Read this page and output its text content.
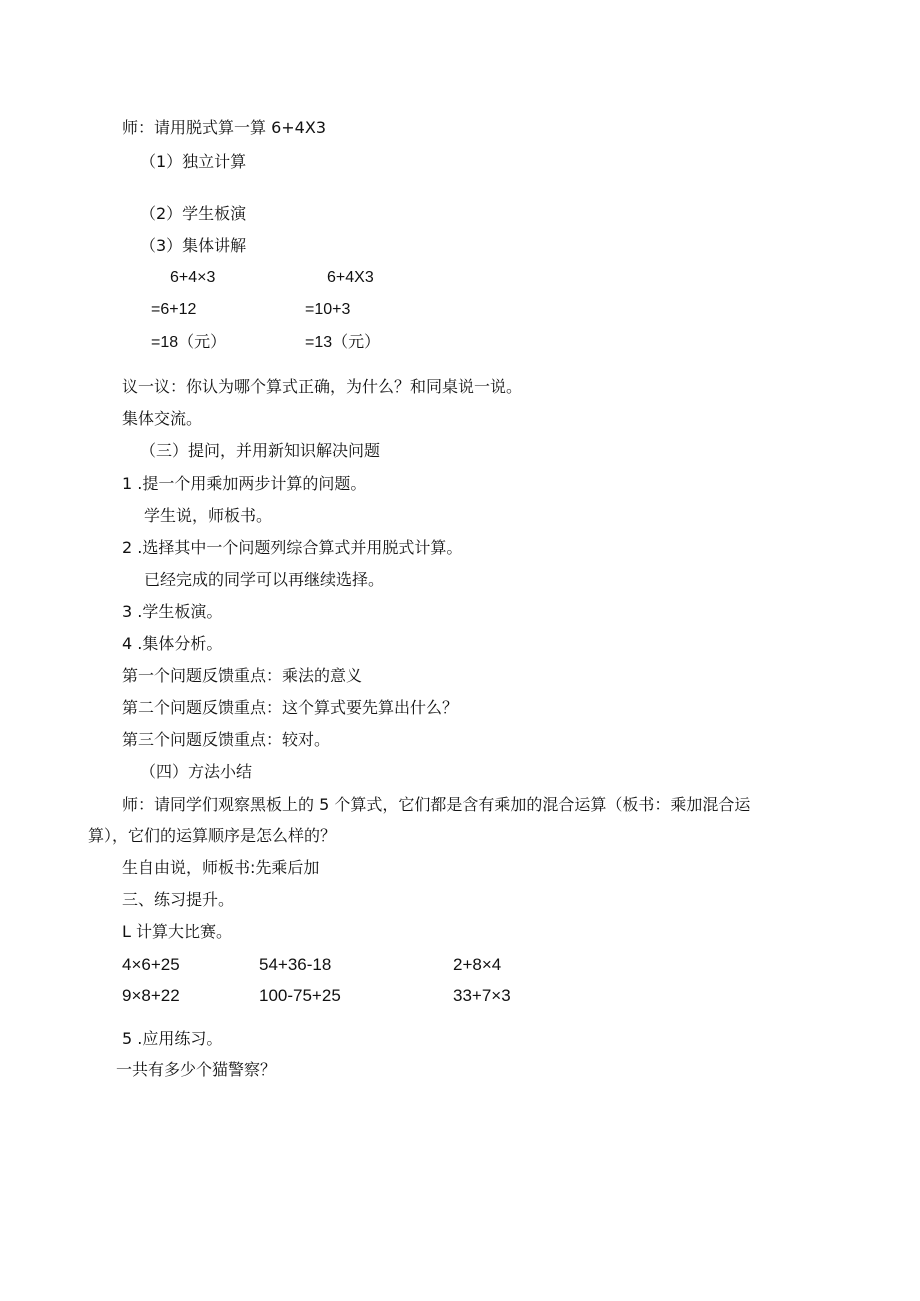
师：请用脱式算一算 6+4X3
（1）独立计算
（2）学生板演
（3）集体讲解
6+4×3	6+4X3
=6+12	=10+3
=18（元）	=13（元）
议一议：你认为哪个算式正确，为什么？和同桌说一说。
集体交流。
（三）提问，并用新知识解决问题
1 .提一个用乘加两步计算的问题。
学生说，师板书。
2 .选择其中一个问题列综合算式并用脱式计算。
已经完成的同学可以再继续选择。
3 .学生板演。
4 .集体分析。
第一个问题反馈重点：乘法的意义
第二个问题反馈重点：这个算式要先算出什么？
第三个问题反馈重点：较对。
（四）方法小结
师：请同学们观察黑板上的 5 个算式，它们都是含有乘加的混合运算（板书：乘加混合运
算），它们的运算顺序是怎么样的？
生自由说，师板书:先乘后加
三、练习提升。
L 计算大比赛。
4×6+25	54+36-18	2+8×4
9×8+22	100-75+25	33+7×3
5 .应用练习。
一共有多少个猫警察？
